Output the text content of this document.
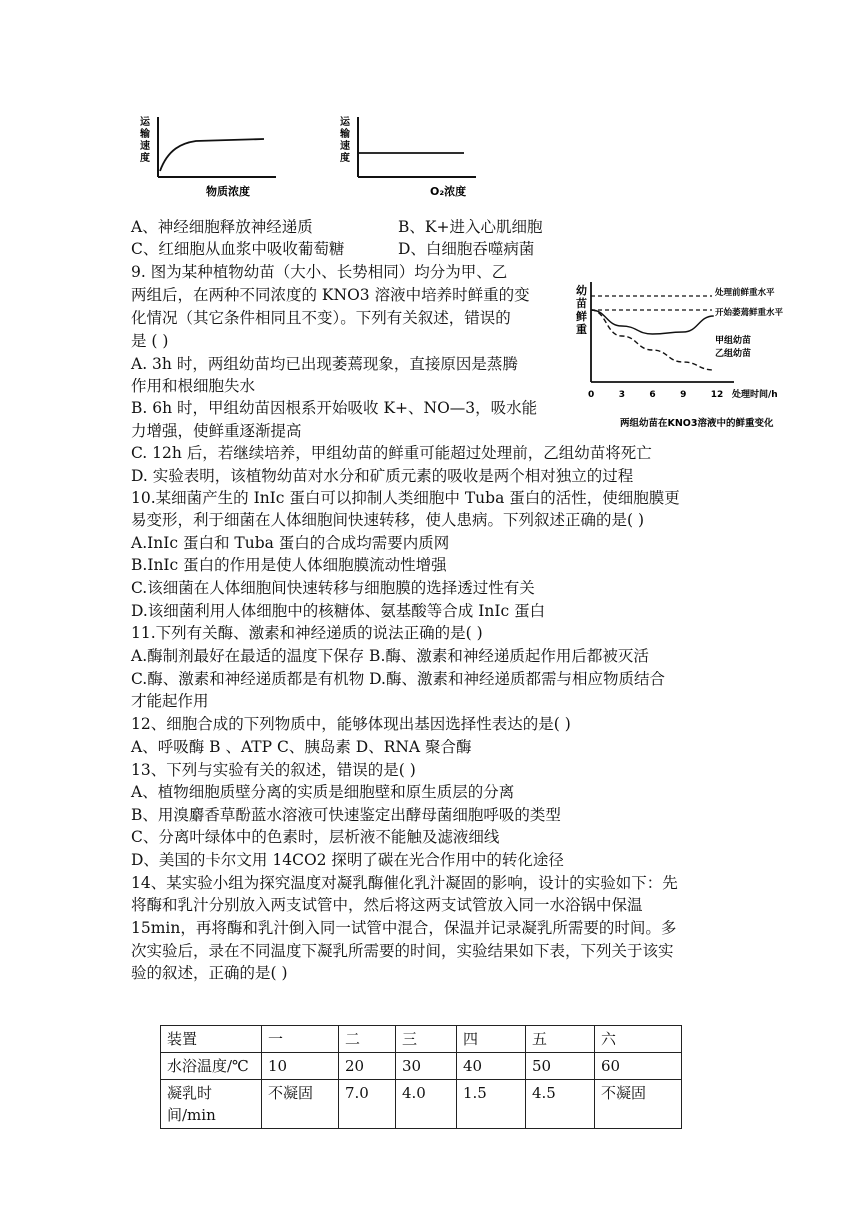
运
输
速
度
物质浓度
运
输
速
度
O₂浓度
A、神经细胞释放神经递质	B、K+进入心肌细胞
C、红细胞从血浆中吸收葡萄糖	D、白细胞吞噬病菌
9. 图为某种植物幼苗（大小、长势相同）均分为甲、乙
两组后，在两种不同浓度的 KNO3 溶液中培养时鲜重的变
化情况（其它条件相同且不变）。下列有关叙述，错误的
是 ( )
A. 3h 时，两组幼苗均已出现萎蔫现象，直接原因是蒸腾
作用和根细胞失水
B. 6h 时，甲组幼苗因根系开始吸收 K+、NO—3，吸水能
力增强，使鲜重逐渐提高
C. 12h 后，若继续培养，甲组幼苗的鲜重可能超过处理前，乙组幼苗将死亡
D. 实验表明，该植物幼苗对水分和矿质元素的吸收是两个相对独立的过程
幼
苗
鲜
重
0	3	6	9	12
处理前鲜重水平
开始萎蔫鲜重水平
甲组幼苗
乙组幼苗
处理时间/h
两组幼苗在KNO3溶液中的鲜重变化
10.某细菌产生的 InIc 蛋白可以抑制人类细胞中 Tuba 蛋白的活性，使细胞膜更
易变形，利于细菌在人体细胞间快速转移，使人患病。下列叙述正确的是( )
A.InIc 蛋白和 Tuba 蛋白的合成均需要内质网
B.InIc 蛋白的作用是使人体细胞膜流动性增强
C.该细菌在人体细胞间快速转移与细胞膜的选择透过性有关
D.该细菌利用人体细胞中的核糖体、氨基酸等合成 InIc 蛋白
11.下列有关酶、激素和神经递质的说法正确的是( )
A.酶制剂最好在最适的温度下保存 B.酶、激素和神经递质起作用后都被灭活
C.酶、激素和神经递质都是有机物 D.酶、激素和神经递质都需与相应物质结合
才能起作用
12、细胞合成的下列物质中，能够体现出基因选择性表达的是( )
A、呼吸酶 B 、ATP C、胰岛素 D、RNA 聚合酶
13、下列与实验有关的叙述，错误的是( )
A、植物细胞质壁分离的实质是细胞壁和原生质层的分离
B、用溴麝香草酚蓝水溶液可快速鉴定出酵母菌细胞呼吸的类型
C、分离叶绿体中的色素时，层析液不能触及滤液细线
D、美国的卡尔文用 14CO2 探明了碳在光合作用中的转化途径
14、某实验小组为探究温度对凝乳酶催化乳汁凝固的影响，设计的实验如下：先
将酶和乳汁分别放入两支试管中，然后将这两支试管放入同一水浴锅中保温
15min，再将酶和乳汁倒入同一试管中混合，保温并记录凝乳所需要的时间。多
次实验后，录在不同温度下凝乳所需要的时间，实验结果如下表，下列关于该实
验的叙述，正确的是( )
装置	一	二	三	四	五	六
水浴温度/℃	10	20	30	40	50	60
凝乳时间/min	不凝固	7.0	4.0	1.5	4.5	不凝固
